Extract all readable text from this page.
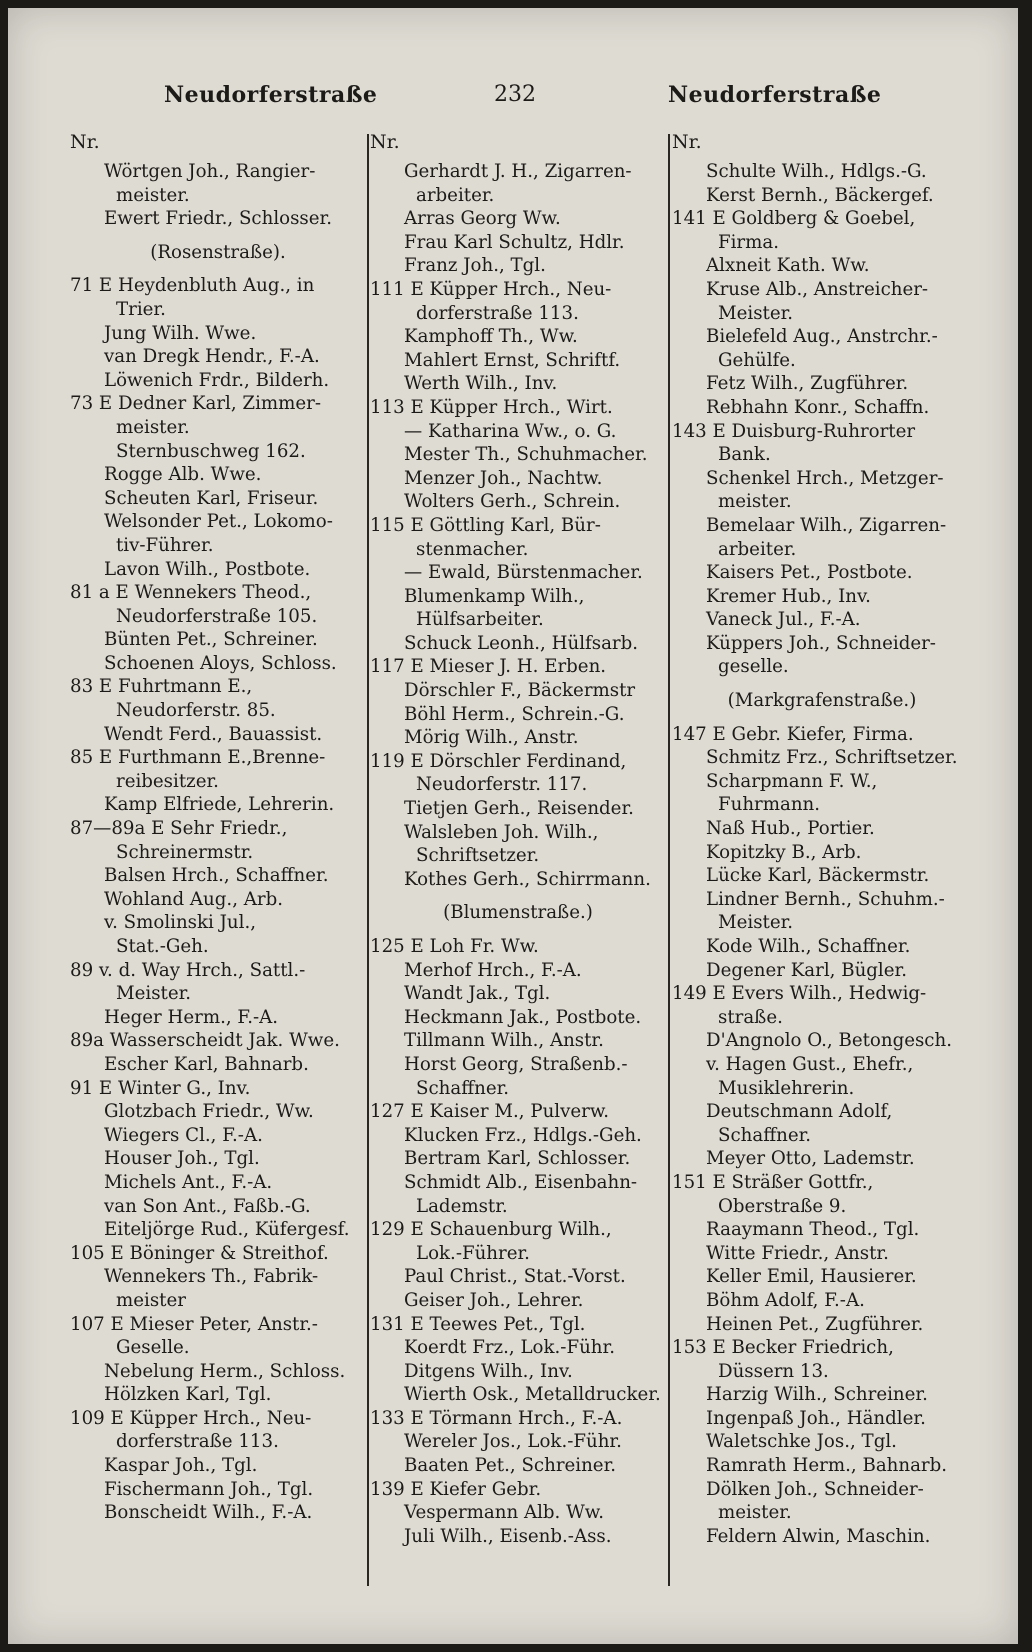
Neudorferstraße	232	Neudorferstraße
Nr.
Wörtgen Joh., Rangier-
meister.
Ewert Friedr., Schlosser.
(Rosenstraße).
71 E Heydenbluth Aug., in
Trier.
Jung Wilh. Wwe.
van Dregk Hendr., F.-A.
Löwenich Frdr., Bilderh.
73 E Dedner Karl, Zimmer-
meister.
Sternbuschweg 162.
Rogge Alb. Wwe.
Scheuten Karl, Friseur.
Welsonder Pet., Lokomo-
tiv-Führer.
Lavon Wilh., Postbote.
81 a E Wennekers Theod.,
Neudorferstraße 105.
Bünten Pet., Schreiner.
Schoenen Aloys, Schloss.
83 E Fuhrtmann E.,
Neudorferstr. 85.
Wendt Ferd., Bauassist.
85 E Furthmann E.,Brenne-
reibesitzer.
Kamp Elfriede, Lehrerin.
87—89a E Sehr Friedr.,
Schreinermstr.
Balsen Hrch., Schaffner.
Wohland Aug., Arb.
v. Smolinski Jul.,
Stat.-Geh.
89 v. d. Way Hrch., Sattl.-
Meister.
Heger Herm., F.-A.
89a Wasserscheidt Jak. Wwe.
Escher Karl, Bahnarb.
91 E Winter G., Inv.
Glotzbach Friedr., Ww.
Wiegers Cl., F.-A.
Houser Joh., Tgl.
Michels Ant., F.-A.
van Son Ant., Faßb.-G.
Eiteljörge Rud., Küfergesf.
105 E Böninger & Streithof.
Wennekers Th., Fabrik-
meister
107 E Mieser Peter, Anstr.-
Geselle.
Nebelung Herm., Schloss.
Hölzken Karl, Tgl.
109 E Küpper Hrch., Neu-
dorferstraße 113.
Kaspar Joh., Tgl.
Fischermann Joh., Tgl.
Bonscheidt Wilh., F.-A.
Nr.
Gerhardt J. H., Zigarren-
arbeiter.
Arras Georg Ww.
Frau Karl Schultz, Hdlr.
Franz Joh., Tgl.
111 E Küpper Hrch., Neu-
dorferstraße 113.
Kamphoff Th., Ww.
Mahlert Ernst, Schriftf.
Werth Wilh., Inv.
113 E Küpper Hrch., Wirt.
— Katharina Ww., o. G.
Mester Th., Schuhmacher.
Menzer Joh., Nachtw.
Wolters Gerh., Schrein.
115 E Göttling Karl, Bür-
stenmacher.
— Ewald, Bürstenmacher.
Blumenkamp Wilh.,
Hülfsarbeiter.
Schuck Leonh., Hülfsarb.
117 E Mieser J. H. Erben.
Dörschler F., Bäckermstr
Böhl Herm., Schrein.-G.
Mörig Wilh., Anstr.
119 E Dörschler Ferdinand,
Neudorferstr. 117.
Tietjen Gerh., Reisender.
Walsleben Joh. Wilh.,
Schriftsetzer.
Kothes Gerh., Schirrmann.
(Blumenstraße.)
125 E Loh Fr. Ww.
Merhof Hrch., F.-A.
Wandt Jak., Tgl.
Heckmann Jak., Postbote.
Tillmann Wilh., Anstr.
Horst Georg, Straßenb.-
Schaffner.
127 E Kaiser M., Pulverw.
Klucken Frz., Hdlgs.-Geh.
Bertram Karl, Schlosser.
Schmidt Alb., Eisenbahn-
Lademstr.
129 E Schauenburg Wilh.,
Lok.-Führer.
Paul Christ., Stat.-Vorst.
Geiser Joh., Lehrer.
131 E Teewes Pet., Tgl.
Koerdt Frz., Lok.-Führ.
Ditgens Wilh., Inv.
Wierth Osk., Metalldrucker.
133 E Törmann Hrch., F.-A.
Wereler Jos., Lok.-Führ.
Baaten Pet., Schreiner.
139 E Kiefer Gebr.
Vespermann Alb. Ww.
Juli Wilh., Eisenb.-Ass.
Nr.
Schulte Wilh., Hdlgs.-G.
Kerst Bernh., Bäckergef.
141 E Goldberg & Goebel,
Firma.
Alxneit Kath. Ww.
Kruse Alb., Anstreicher-
Meister.
Bielefeld Aug., Anstrchr.-
Gehülfe.
Fetz Wilh., Zugführer.
Rebhahn Konr., Schaffn.
143 E Duisburg-Ruhrorter
Bank.
Schenkel Hrch., Metzger-
meister.
Bemelaar Wilh., Zigarren-
arbeiter.
Kaisers Pet., Postbote.
Kremer Hub., Inv.
Vaneck Jul., F.-A.
Küppers Joh., Schneider-
geselle.
(Markgrafenstraße.)
147 E Gebr. Kiefer, Firma.
Schmitz Frz., Schriftsetzer.
Scharpmann F. W.,
Fuhrmann.
Naß Hub., Portier.
Kopitzky B., Arb.
Lücke Karl, Bäckermstr.
Lindner Bernh., Schuhm.-
Meister.
Kode Wilh., Schaffner.
Degener Karl, Bügler.
149 E Evers Wilh., Hedwig-
straße.
D'Angnolo O., Betongesch.
v. Hagen Gust., Ehefr.,
Musiklehrerin.
Deutschmann Adolf,
Schaffner.
Meyer Otto, Lademstr.
151 E Sträßer Gottfr.,
Oberstraße 9.
Raaymann Theod., Tgl.
Witte Friedr., Anstr.
Keller Emil, Hausierer.
Böhm Adolf, F.-A.
Heinen Pet., Zugführer.
153 E Becker Friedrich,
Düssern 13.
Harzig Wilh., Schreiner.
Ingenpaß Joh., Händler.
Waletschke Jos., Tgl.
Ramrath Herm., Bahnarb.
Dölken Joh., Schneider-
meister.
Feldern Alwin, Maschin.
